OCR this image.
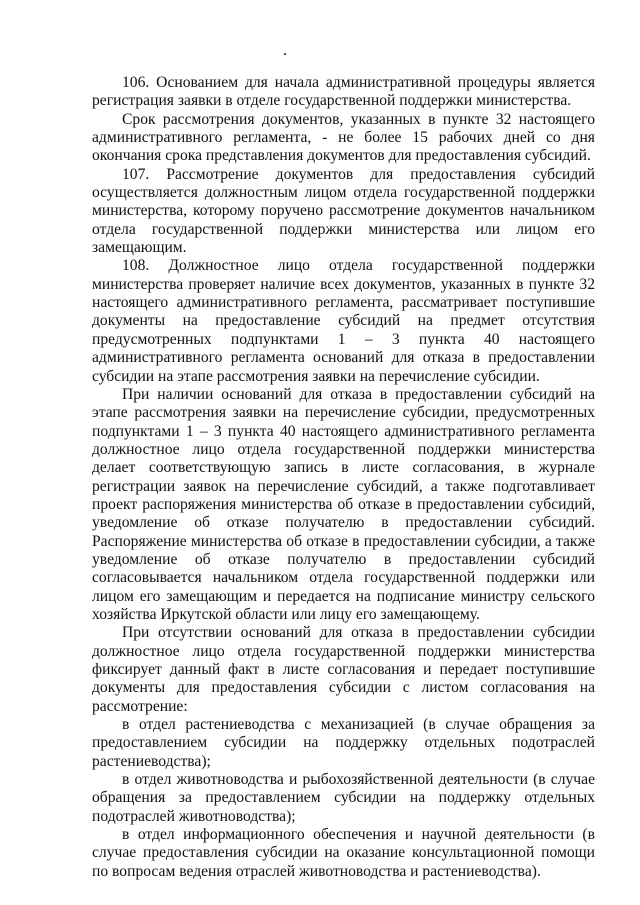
106. Основанием для начала административной процедуры является регистрация заявки в отделе государственной поддержки министерства.

Срок рассмотрения документов, указанных в пункте 32 настоящего административного регламента, - не более 15 рабочих дней со дня окончания срока представления документов для предоставления субсидий.

107. Рассмотрение документов для предоставления субсидий осуществляется должностным лицом отдела государственной поддержки министерства, которому поручено рассмотрение документов начальником отдела государственной поддержки министерства или лицом его замещающим.

108. Должностное лицо отдела государственной поддержки министерства проверяет наличие всех документов, указанных в пункте 32 настоящего административного регламента, рассматривает поступившие документы на предоставление субсидий на предмет отсутствия предусмотренных подпунктами 1 – 3 пункта 40 настоящего административного регламента оснований для отказа в предоставлении субсидии на этапе рассмотрения заявки на перечисление субсидии.

При наличии оснований для отказа в предоставлении субсидий на этапе рассмотрения заявки на перечисление субсидии, предусмотренных подпунктами 1 – 3 пункта 40 настоящего административного регламента должностное лицо отдела государственной поддержки министерства делает соответствующую запись в листе согласования, в журнале регистрации заявок на перечисление субсидий, а также подготавливает проект распоряжения министерства об отказе в предоставлении субсидий, уведомление об отказе получателю в предоставлении субсидий. Распоряжение министерства об отказе в предоставлении субсидии, а также уведомление об отказе получателю в предоставлении субсидий согласовывается начальником отдела государственной поддержки или лицом его замещающим и передается на подписание министру сельского хозяйства Иркутской области или лицу его замещающему.

При отсутствии оснований для отказа в предоставлении субсидии должностное лицо отдела государственной поддержки министерства фиксирует данный факт в листе согласования и передает поступившие документы для предоставления субсидии с листом согласования на рассмотрение:

в отдел растениеводства с механизацией (в случае обращения за предоставлением субсидии на поддержку отдельных подотраслей растениеводства);

в отдел животноводства и рыбохозяйственной деятельности (в случае обращения за предоставлением субсидии на поддержку отдельных подотраслей животноводства);

в отдел информационного обеспечения и научной деятельности (в случае предоставления субсидии на оказание консультационной помощи по вопросам ведения отраслей животноводства и растениеводства).
